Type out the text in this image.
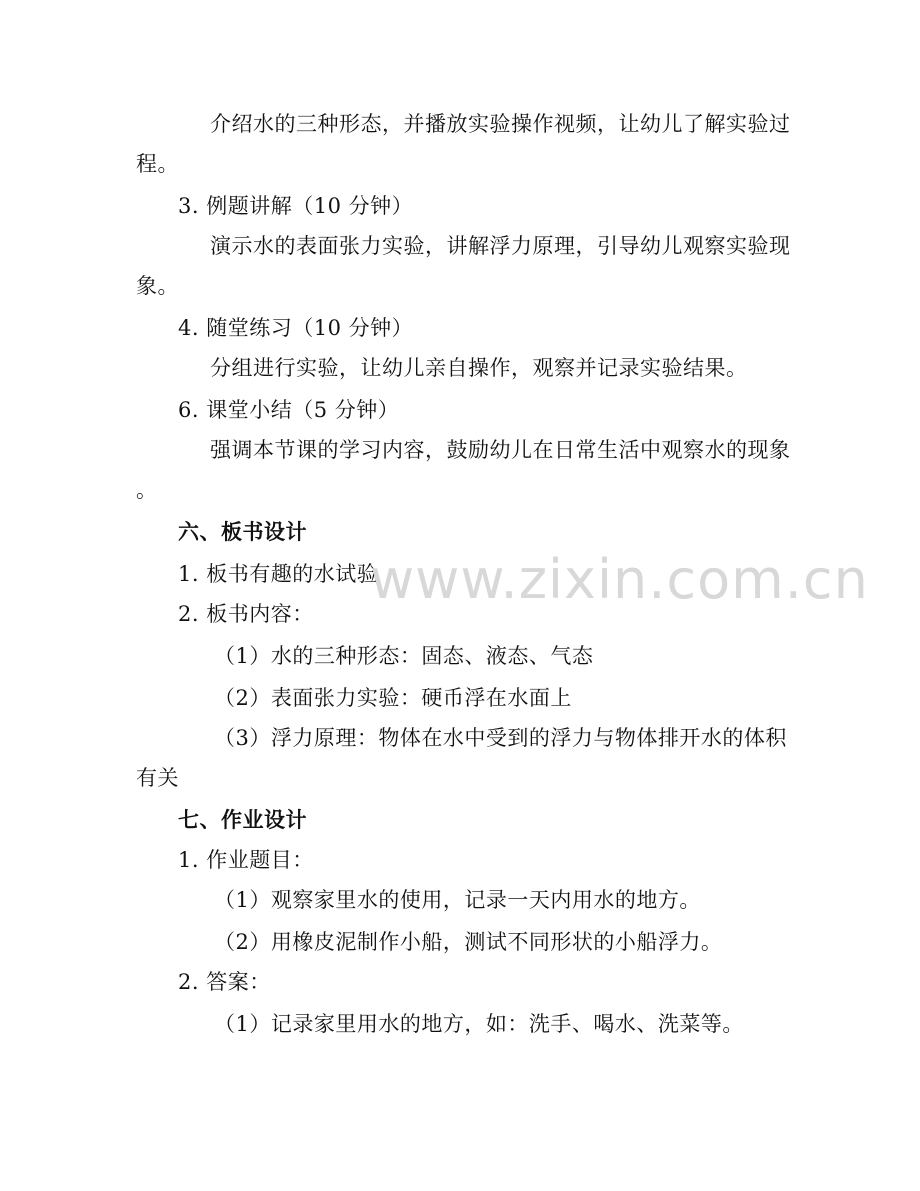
介绍水的三种形态，并播放实验操作视频，让幼儿了解实验过
程。
3. 例题讲解（10 分钟）
演示水的表面张力实验，讲解浮力原理，引导幼儿观察实验现
象。
4. 随堂练习（10 分钟）
分组进行实验，让幼儿亲自操作，观察并记录实验结果。
6. 课堂小结（5 分钟）
强调本节课的学习内容，鼓励幼儿在日常生活中观察水的现象
。
六、板书设计
1. 板书有趣的水试验
2. 板书内容：
（1）水的三种形态：固态、液态、气态
（2）表面张力实验：硬币浮在水面上
（3）浮力原理：物体在水中受到的浮力与物体排开水的体积
有关
七、作业设计
1. 作业题目：
（1）观察家里水的使用，记录一天内用水的地方。
（2）用橡皮泥制作小船，测试不同形状的小船浮力。
2. 答案：
（1）记录家里用水的地方，如：洗手、喝水、洗菜等。
www.zixin.com.cn
